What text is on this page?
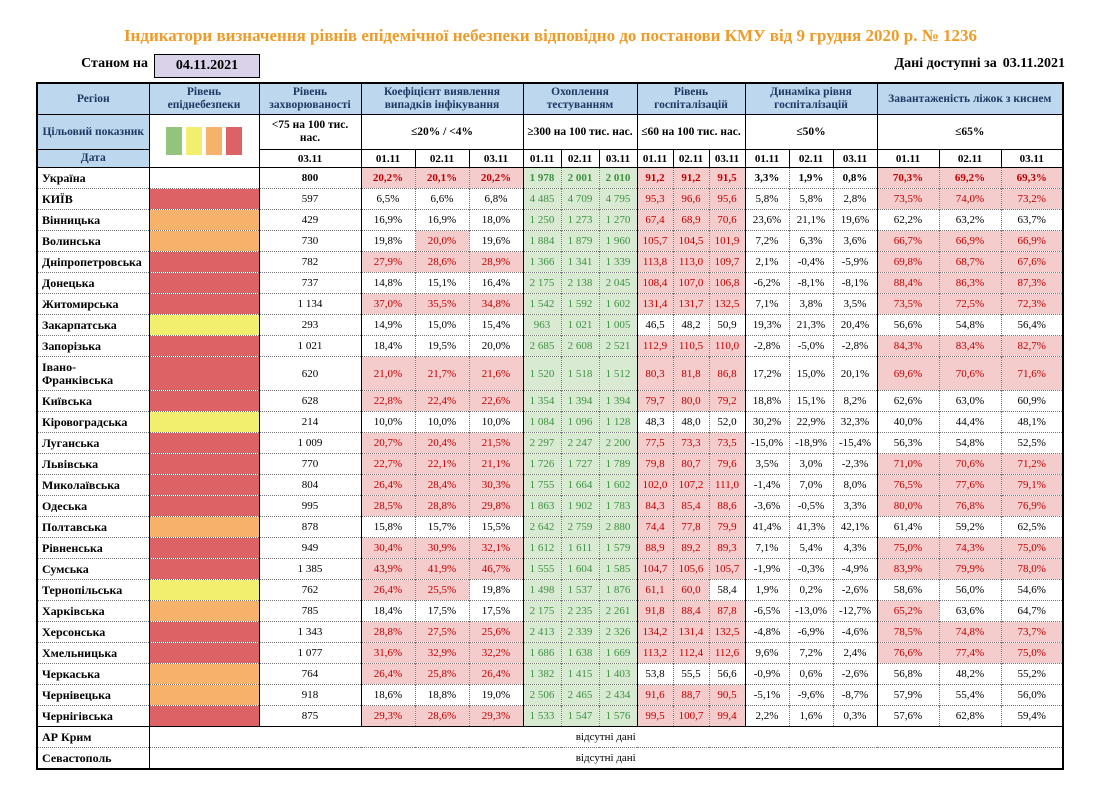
Індикатори визначення рівнів епідемічної небезпеки відповідно до постанови КМУ від 9 грудня 2020 р. № 1236
Станом на	04.11.2021	Дані доступні за 03.11.2021
Регіон	Рівень епіднебезпеки	Рівень захворюваності	Коефіцієнт виявлення випадків інфікування			Охоплення тестуванням			Рівень госпіталізацій			Динаміка рівня госпіталізацій			Завантаженість ліжок з киснем		
Цільовий показник		<75 на 100 тис. нас.	≤20% / <4%			≥300 на 100 тис. нас.			≤60 на 100 тис. нас.			≤50%			≤65%		
Дата		03.11	01.11	02.11	03.11	01.11	02.11	03.11	01.11	02.11	03.11	01.11	02.11	03.11	01.11	02.11	03.11
Україна		800	20,2%	20,1%	20,2%	1 978	2 001	2 010	91,2	91,2	91,5	3,3%	1,9%	0,8%	70,3%	69,2%	69,3%
КИЇВ		597	6,5%	6,6%	6,8%	4 485	4 709	4 795	95,3	96,6	95,6	5,8%	5,8%	2,8%	73,5%	74,0%	73,2%
Вінницька		429	16,9%	16,9%	18,0%	1 250	1 273	1 270	67,4	68,9	70,6	23,6%	21,1%	19,6%	62,2%	63,2%	63,7%
Волинська		730	19,8%	20,0%	19,6%	1 884	1 879	1 960	105,7	104,5	101,9	7,2%	6,3%	3,6%	66,7%	66,9%	66,9%
Дніпропетровська		782	27,9%	28,6%	28,9%	1 366	1 341	1 339	113,8	113,0	109,7	2,1%	-0,4%	-5,9%	69,8%	68,7%	67,6%
Донецька		737	14,8%	15,1%	16,4%	2 175	2 138	2 045	108,4	107,0	106,8	-6,2%	-8,1%	-8,1%	88,4%	86,3%	87,3%
Житомирська		1 134	37,0%	35,5%	34,8%	1 542	1 592	1 602	131,4	131,7	132,5	7,1%	3,8%	3,5%	73,5%	72,5%	72,3%
Закарпатська		293	14,9%	15,0%	15,4%	963	1 021	1 005	46,5	48,2	50,9	19,3%	21,3%	20,4%	56,6%	54,8%	56,4%
Запорізька		1 021	18,4%	19,5%	20,0%	2 685	2 608	2 521	112,9	110,5	110,0	-2,8%	-5,0%	-2,8%	84,3%	83,4%	82,7%
Івано-Франківська		620	21,0%	21,7%	21,6%	1 520	1 518	1 512	80,3	81,8	86,8	17,2%	15,0%	20,1%	69,6%	70,6%	71,6%
Київська		628	22,8%	22,4%	22,6%	1 354	1 394	1 394	79,7	80,0	79,2	18,8%	15,1%	8,2%	62,6%	63,0%	60,9%
Кіровоградська		214	10,0%	10,0%	10,0%	1 084	1 096	1 128	48,3	48,0	52,0	30,2%	22,9%	32,3%	40,0%	44,4%	48,1%
Луганська		1 009	20,7%	20,4%	21,5%	2 297	2 247	2 200	77,5	73,3	73,5	-15,0%	-18,9%	-15,4%	56,3%	54,8%	52,5%
Львівська		770	22,7%	22,1%	21,1%	1 726	1 727	1 789	79,8	80,7	79,6	3,5%	3,0%	-2,3%	71,0%	70,6%	71,2%
Миколаївська		804	26,4%	28,4%	30,3%	1 755	1 664	1 602	102,0	107,2	111,0	-1,4%	7,0%	8,0%	76,5%	77,6%	79,1%
Одеська		995	28,5%	28,8%	29,8%	1 863	1 902	1 783	84,3	85,4	88,6	-3,6%	-0,5%	3,3%	80,0%	76,8%	76,9%
Полтавська		878	15,8%	15,7%	15,5%	2 642	2 759	2 880	74,4	77,8	79,9	41,4%	41,3%	42,1%	61,4%	59,2%	62,5%
Рівненська		949	30,4%	30,9%	32,1%	1 612	1 611	1 579	88,9	89,2	89,3	7,1%	5,4%	4,3%	75,0%	74,3%	75,0%
Сумська		1 385	43,9%	41,9%	46,7%	1 555	1 604	1 585	104,7	105,6	105,7	-1,9%	-0,3%	-4,9%	83,9%	79,9%	78,0%
Тернопільська		762	26,4%	25,5%	19,8%	1 498	1 537	1 876	61,1	60,0	58,4	1,9%	0,2%	-2,6%	58,6%	56,0%	54,6%
Харківська		785	18,4%	17,5%	17,5%	2 175	2 235	2 261	91,8	88,4	87,8	-6,5%	-13,0%	-12,7%	65,2%	63,6%	64,7%
Херсонська		1 343	28,8%	27,5%	25,6%	2 413	2 339	2 326	134,2	131,4	132,5	-4,8%	-6,9%	-4,6%	78,5%	74,8%	73,7%
Хмельницька		1 077	31,6%	32,9%	32,2%	1 686	1 638	1 669	113,2	112,4	112,6	9,6%	7,2%	2,4%	76,6%	77,4%	75,0%
Черкаська		764	26,4%	25,8%	26,4%	1 382	1 415	1 403	53,8	55,5	56,6	-0,9%	0,6%	-2,6%	56,8%	48,2%	55,2%
Чернівецька		918	18,6%	18,8%	19,0%	2 506	2 465	2 434	91,6	88,7	90,5	-5,1%	-9,6%	-8,7%	57,9%	55,4%	56,0%
Чернігівська		875	29,3%	28,6%	29,3%	1 533	1 547	1 576	99,5	100,7	99,4	2,2%	1,6%	0,3%	57,6%	62,8%	59,4%
АР Крим	відсутні дані																
Севастополь	відсутні дані																
